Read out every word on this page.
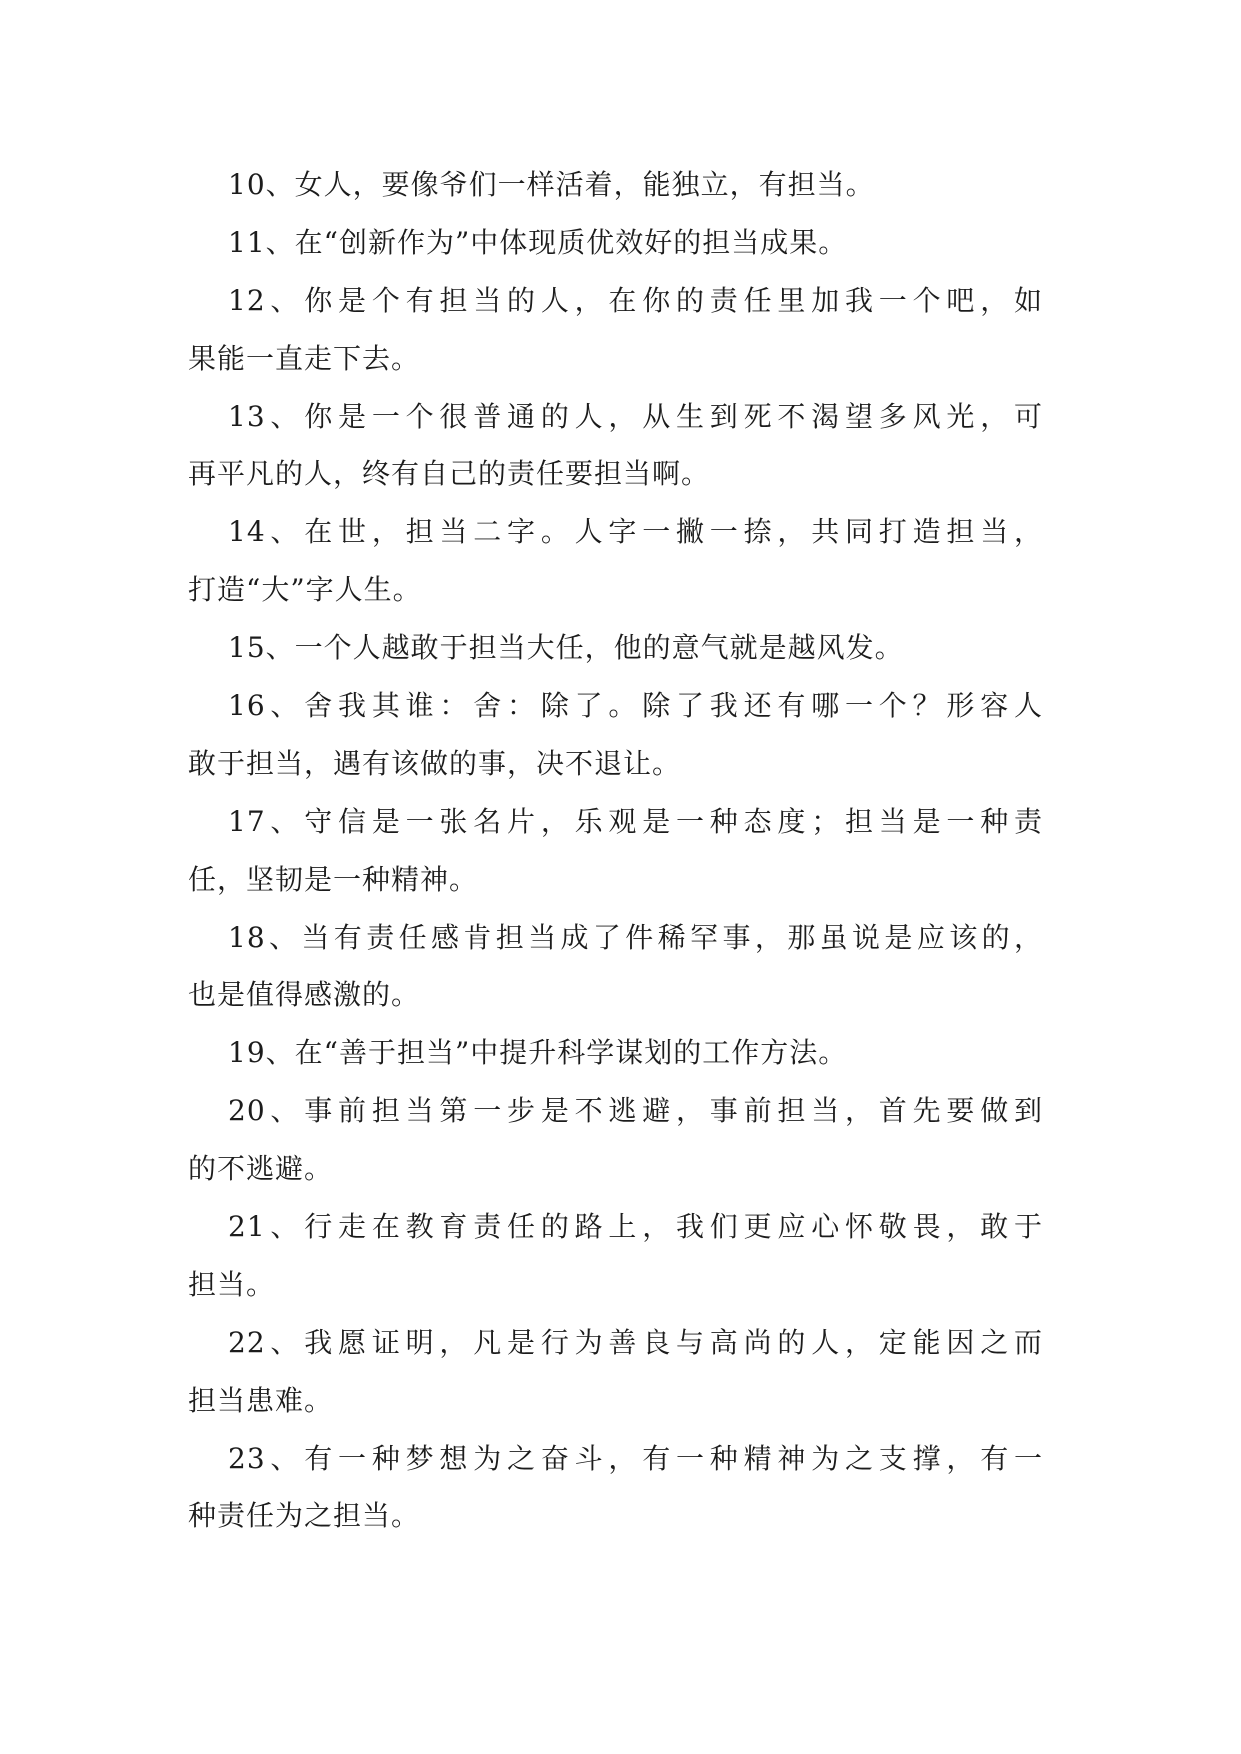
10、女人，要像爷们一样活着，能独立，有担当。
11、在“创新作为”中体现质优效好的担当成果。
12、你是个有担当的人，在你的责任里加我一个吧，如
果能一直走下去。
13、你是一个很普通的人，从生到死不渴望多风光，可
再平凡的人，终有自己的责任要担当啊。
14、在世，担当二字。人字一撇一捺，共同打造担当，
打造“大”字人生。
15、一个人越敢于担当大任，他的意气就是越风发。
16、舍我其谁：舍：除了。除了我还有哪一个？形容人
敢于担当，遇有该做的事，决不退让。
17、守信是一张名片，乐观是一种态度；担当是一种责
任，坚韧是一种精神。
18、当有责任感肯担当成了件稀罕事，那虽说是应该的，
也是值得感激的。
19、在“善于担当”中提升科学谋划的工作方法。
20、事前担当第一步是不逃避，事前担当，首先要做到
的不逃避。
21、行走在教育责任的路上，我们更应心怀敬畏，敢于
担当。
22、我愿证明，凡是行为善良与高尚的人，定能因之而
担当患难。
23、有一种梦想为之奋斗，有一种精神为之支撑，有一
种责任为之担当。
